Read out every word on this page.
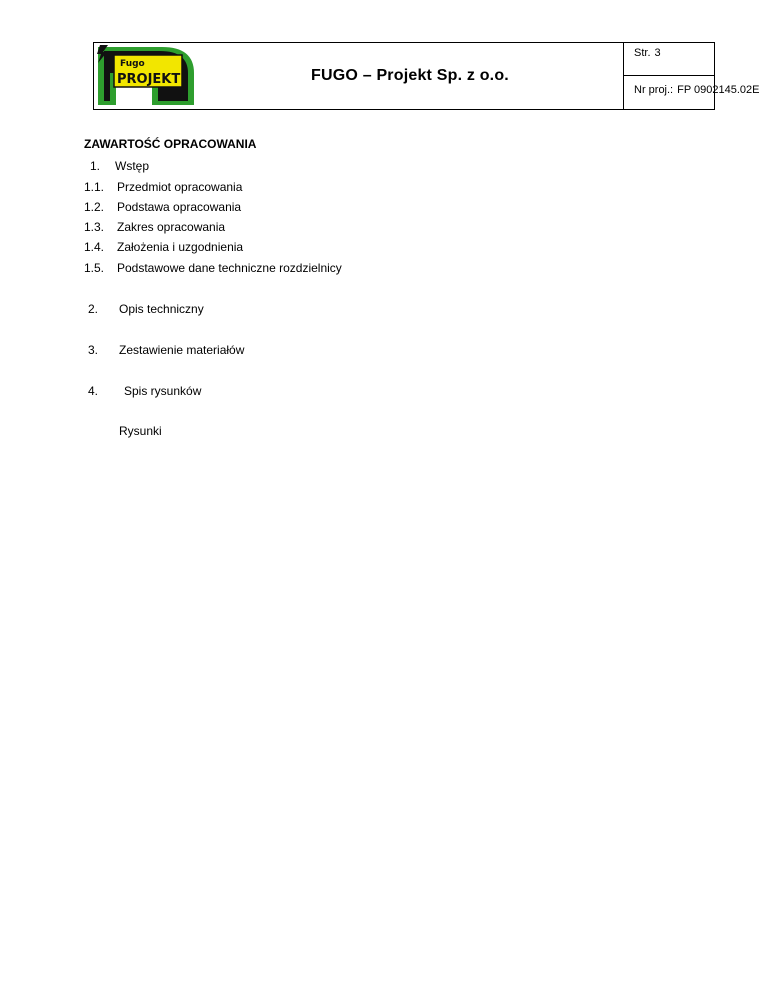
Fugo
PROJEKT	FUGO – Projekt Sp. z o.o.
Str. 3
Nr proj.: FP 0902145.02E
ZAWARTOŚĆ OPRACOWANIA
1. Wstęp
1.1. Przedmiot opracowania
1.2. Podstawa opracowania
1.3. Zakres opracowania
1.4. Założenia i uzgodnienia
1.5. Podstawowe dane techniczne rozdzielnicy
2. Opis techniczny
3. Zestawienie materiałów
4. Spis rysunków
Rysunki
